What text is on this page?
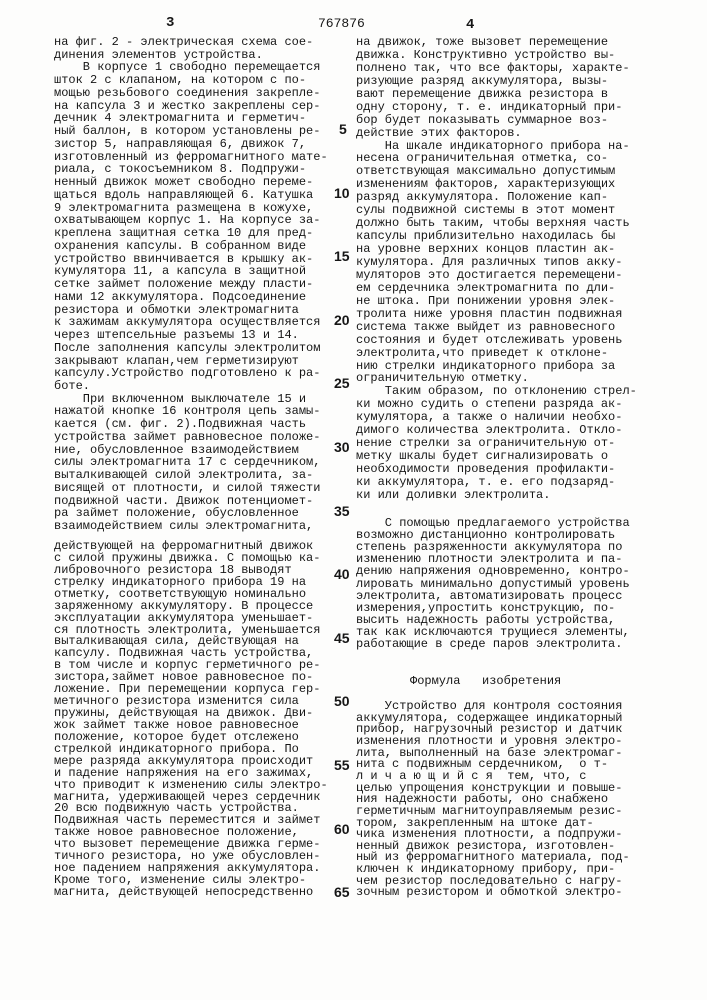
3	767876	4
Формула   изобретения
на фиг. 2 - электрическая схема сое-
динения элементов устройства.
В корпусе 1 свободно перемещается
шток 2 с клапаном, на котором с по-
мощью резьбового соединения закрепле-
на капсула 3 и жестко закреплены сер-
дечник 4 электромагнита и герметич-
ный баллон, в котором установлены ре-
зистор 5, направляющая 6, движок 7,
изготовленный из ферромагнитного мате-
риала, с токосъемником 8. Подпружи-
ненный движок может свободно переме-
щаться вдоль направляющей 6. Катушка
9 электромагнита размещена в кожухе,
охватывающем корпус 1. На корпусе за-
креплена защитная сетка 10 для пред-
охранения капсулы. В собранном виде
устройство ввинчивается в крышку ак-
кумулятора 11, а капсула в защитной
сетке займет положение между пласти-
нами 12 аккумулятора. Подсоединение
резистора и обмотки электромагнита
к зажимам аккумулятора осуществляется
через штепсельные разъемы 13 и 14.
После заполнения капсулы электролитом
закрывают клапан,чем герметизируют
капсулу.Устройство подготовлено к ра-
боте.
При включенном выключателе 15 и
нажатой кнопке 16 контроля цепь замы-
кается (см. фиг. 2).Подвижная часть
устройства займет равновесное положе-
ние, обусловленное взаимодействием
силы электромагнита 17 с сердечником,
выталкивающей силой электролита, за-
висящей от плотности, и силой тяжести
подвижной части. Движок потенциомет-
ра займет положение, обусловленное
взаимодействием силы электромагнита,
действующей на ферромагнитный движок
с силой пружины движка. С помощью ка-
либровочного резистора 18 выводят
стрелку индикаторного прибора 19 на
отметку, соответствующую номинально
заряженному аккумулятору. В процессе
эксплуатации аккумулятора уменьшает-
ся плотность электролита, уменьшается
выталкивающая сила, действующая на
капсулу. Подвижная часть устройства,
в том числе и корпус герметичного ре-
зистора,займет новое равновесное по-
ложение. При перемещении корпуса гер-
метичного резистора изменится сила
пружины, действующая на движок. Дви-
жок займет также новое равновесное
положение, которое будет отслежено
стрелкой индикаторного прибора. По
мере разряда аккумулятора происходит
и падение напряжения на его зажимах,
что приводит к изменению силы электро-
магнита, удерживающей через сердечник
20 всю подвижную часть устройства.
Подвижная часть переместится и займет
также новое равновесное положение,
что вызовет перемещение движка герме-
тичного резистора, но уже обусловлен-
ное падением напряжения аккумулятора.
Кроме того, изменение силы электро-
магнита, действующей непосредственно
на движок, тоже вызовет перемещение
движка. Конструктивно устройство вы-
полнено так, что все факторы, характе-
ризующие разряд аккумулятора, вызы-
вают перемещение движка резистора в
одну сторону, т. е. индикаторный при-
бор будет показывать суммарное воз-
действие этих факторов.
На шкале индикаторного прибора на-
несена ограничительная отметка, со-
ответствующая максимально допустимым
изменениям факторов, характеризующих
разряд аккумулятора. Положение кап-
сулы подвижной системы в этот момент
должно быть таким, чтобы верхняя часть
капсулы приблизительно находилась бы
на уровне верхних концов пластин ак-
кумулятора. Для различных типов акку-
муляторов это достигается перемещени-
ем сердечника электромагнита по дли-
не штока. При понижении уровня элек-
тролита ниже уровня пластин подвижная
система также выйдет из равновесного
состояния и будет отслеживать уровень
электролита,что приведет к отклоне-
нию стрелки индикаторного прибора за
ограничительную отметку.
Таким образом, по отклонению стрел-
ки можно судить о степени разряда ак-
кумулятора, а также о наличии необхо-
димого количества электролита. Откло-
нение стрелки за ограничительную от-
метку шкалы будет сигнализировать о
необходимости проведения профилакти-
ки аккумулятора, т. е. его подзаряд-
ки или доливки электролита.
С помощью предлагаемого устройства
возможно дистанционно контролировать
степень разряженности аккумулятора по
изменению плотности электролита и па-
дению напряжения одновременно, контро-
лировать минимально допустимый уровень
электролита, автоматизировать процесс
измерения,упростить конструкцию, по-
высить надежность работы устройства,
так как исключаются трущиеся элементы,
работающие в среде паров электролита.
Устройство для контроля состояния
аккумулятора, содержащее индикаторный
прибор, нагрузочный резистор и датчик
изменения плотности и уровня электро-
лита, выполненный на базе электромаг-
нита с подвижным сердечником,  о т-
л и ч а ю щ и й с я  тем, что, с
целью упрощения конструкции и повыше-
ния надежности работы, оно снабжено
герметичным магнитоуправляемым резис-
тором, закрепленным на штоке дат-
чика изменения плотности, а подпружи-
ненный движок резистора, изготовлен-
ный из ферромагнитного материала, под-
ключен к индикаторному прибору, при-
чем резистор последовательно с нагру-
зочным резистором и обмоткой электро-
5
10
15
20
25
30
35
40
45
50
55
60
65
